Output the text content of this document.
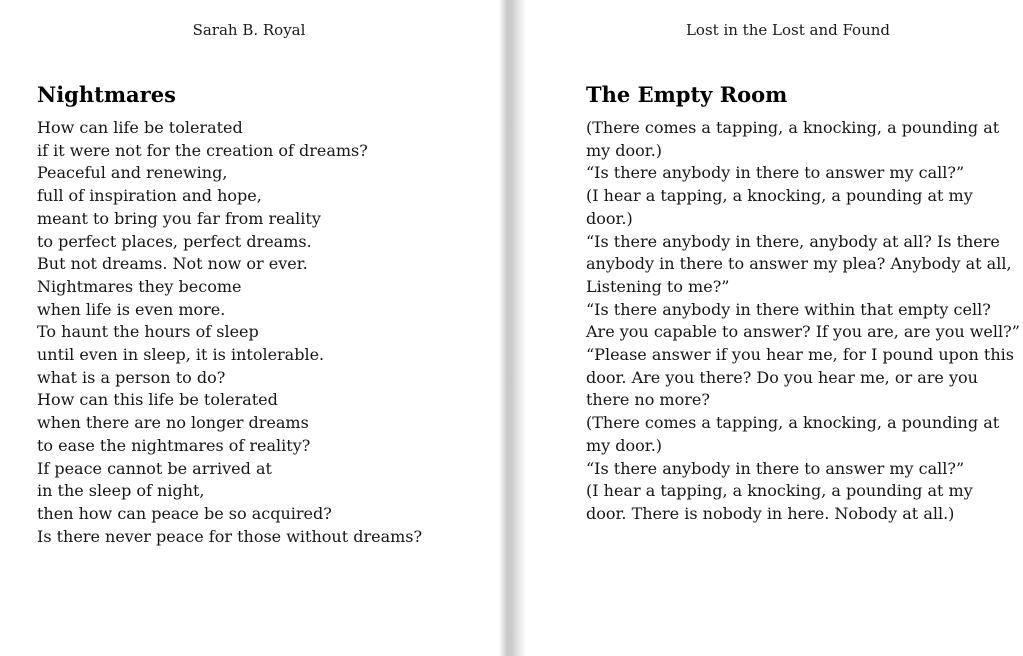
Sarah B. Royal
Nightmares
How can life be tolerated
if it were not for the creation of dreams?
Peaceful and renewing,
full of inspiration and hope,
meant to bring you far from reality
to perfect places, perfect dreams.
But not dreams. Not now or ever.
Nightmares they become
when life is even more.
To haunt the hours of sleep
until even in sleep, it is intolerable.
what is a person to do?
How can this life be tolerated
when there are no longer dreams
to ease the nightmares of reality?
If peace cannot be arrived at
in the sleep of night,
then how can peace be so acquired?
Is there never peace for those without dreams?
Lost in the Lost and Found
The Empty Room
(There comes a tapping, a knocking, a pounding at
my door.)
“Is there anybody in there to answer my call?”
(I hear a tapping, a knocking, a pounding at my
door.)
“Is there anybody in there, anybody at all? Is there
anybody in there to answer my plea? Anybody at all,
Listening to me?”
“Is there anybody in there within that empty cell?
Are you capable to answer? If you are, are you well?”
“Please answer if you hear me, for I pound upon this
door. Are you there? Do you hear me, or are you
there no more?
(There comes a tapping, a knocking, a pounding at
my door.)
“Is there anybody in there to answer my call?”
(I hear a tapping, a knocking, a pounding at my
door. There is nobody in here. Nobody at all.)
